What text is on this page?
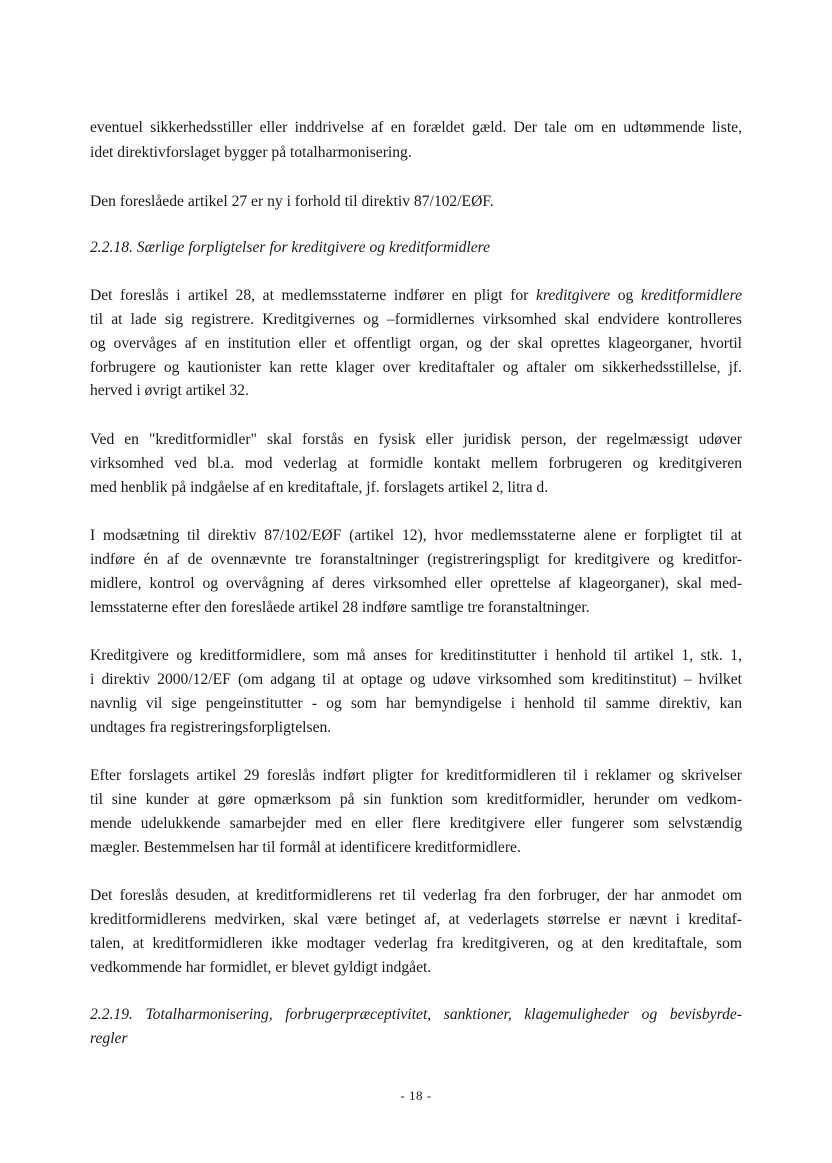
eventuel sikkerhedsstiller eller inddrivelse af en forældet gæld. Der tale om en udtømmende liste,
idet direktivforslaget bygger på totalharmonisering.
Den foreslåede artikel 27 er ny i forhold til direktiv 87/102/EØF.
2.2.18. Særlige forpligtelser for kreditgivere og kreditformidlere
Det foreslås i artikel 28, at medlemsstaterne indfører en pligt for kreditgivere og kreditformidlere
til at lade sig registrere. Kreditgivernes og –formidlernes virksomhed skal endvidere kontrolleres
og overvåges af en institution eller et offentligt organ, og der skal oprettes klageorganer, hvortil
forbrugere og kautionister kan rette klager over kreditaftaler og aftaler om sikkerhedsstillelse, jf.
herved i øvrigt artikel 32.
Ved en "kreditformidler" skal forstås en fysisk eller juridisk person, der regelmæssigt udøver
virksomhed ved bl.a. mod vederlag at formidle kontakt mellem forbrugeren og kreditgiveren
med henblik på indgåelse af en kreditaftale, jf. forslagets artikel 2, litra d.
I modsætning til direktiv 87/102/EØF (artikel 12), hvor medlemsstaterne alene er forpligtet til at
indføre én af de ovennævnte tre foranstaltninger (registreringspligt for kreditgivere og kreditfor-
midlere, kontrol og overvågning af deres virksomhed eller oprettelse af klageorganer), skal med-
lemsstaterne efter den foreslåede artikel 28 indføre samtlige tre foranstaltninger.
Kreditgivere og kreditformidlere, som må anses for kreditinstitutter i henhold til artikel 1, stk. 1,
i direktiv 2000/12/EF (om adgang til at optage og udøve virksomhed som kreditinstitut) – hvilket
navnlig vil sige pengeinstitutter - og som har bemyndigelse i henhold til samme direktiv, kan
undtages fra registreringsforpligtelsen.
Efter forslagets artikel 29 foreslås indført pligter for kreditformidleren til i reklamer og skrivelser
til sine kunder at gøre opmærksom på sin funktion som kreditformidler, herunder om vedkom-
mende udelukkende samarbejder med en eller flere kreditgivere eller fungerer som selvstændig
mægler. Bestemmelsen har til formål at identificere kreditformidlere.
Det foreslås desuden, at kreditformidlerens ret til vederlag fra den forbruger, der har anmodet om
kreditformidlerens medvirken, skal være betinget af, at vederlagets størrelse er nævnt i kreditaf-
talen, at kreditformidleren ikke modtager vederlag fra kreditgiveren, og at den kreditaftale, som
vedkommende har formidlet, er blevet gyldigt indgået.
2.2.19. Totalharmonisering, forbrugerpræceptivitet, sanktioner, klagemuligheder og bevisbyrde-
regler
- 18 -
